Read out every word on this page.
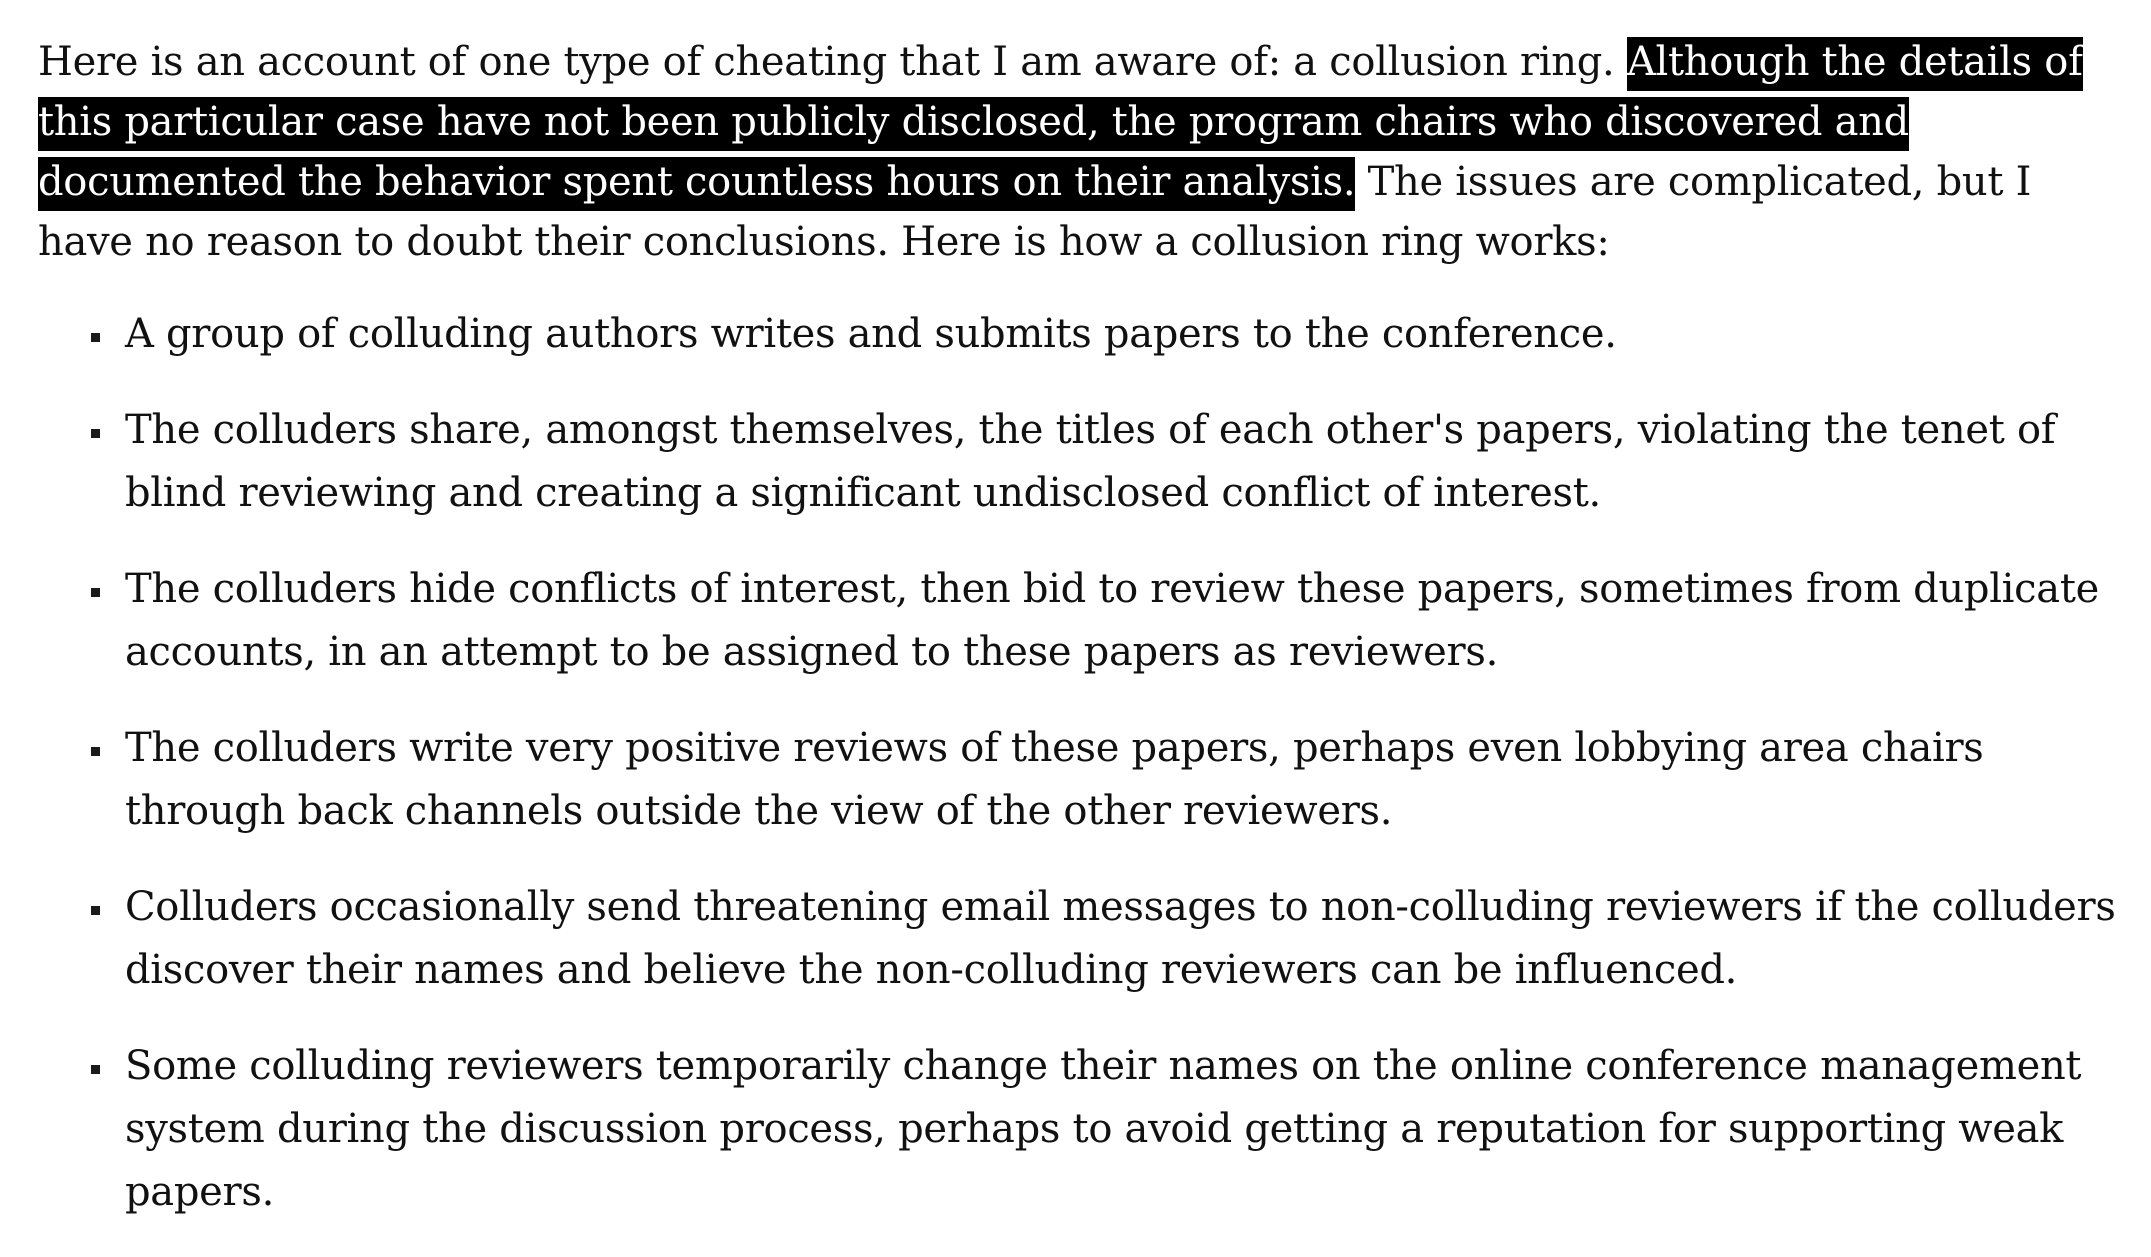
Here is an account of one type of cheating that I am aware of: a collusion ring. Although the details of this particular case have not been publicly disclosed, the program chairs who discovered and documented the behavior spent countless hours on their analysis. The issues are complicated, but I have no reason to doubt their conclusions. Here is how a collusion ring works:

A group of colluding authors writes and submits papers to the conference.
The colluders share, amongst themselves, the titles of each other's papers, violating the tenet of blind reviewing and creating a significant undisclosed conflict of interest.
The colluders hide conflicts of interest, then bid to review these papers, sometimes from duplicate accounts, in an attempt to be assigned to these papers as reviewers.
The colluders write very positive reviews of these papers, perhaps even lobbying area chairs through back channels outside the view of the other reviewers.
Colluders occasionally send threatening email messages to non-colluding reviewers if the colluders discover their names and believe the non-colluding reviewers can be influenced.
Some colluding reviewers temporarily change their names on the online conference management system during the discussion process, perhaps to avoid getting a reputation for supporting weak papers.
